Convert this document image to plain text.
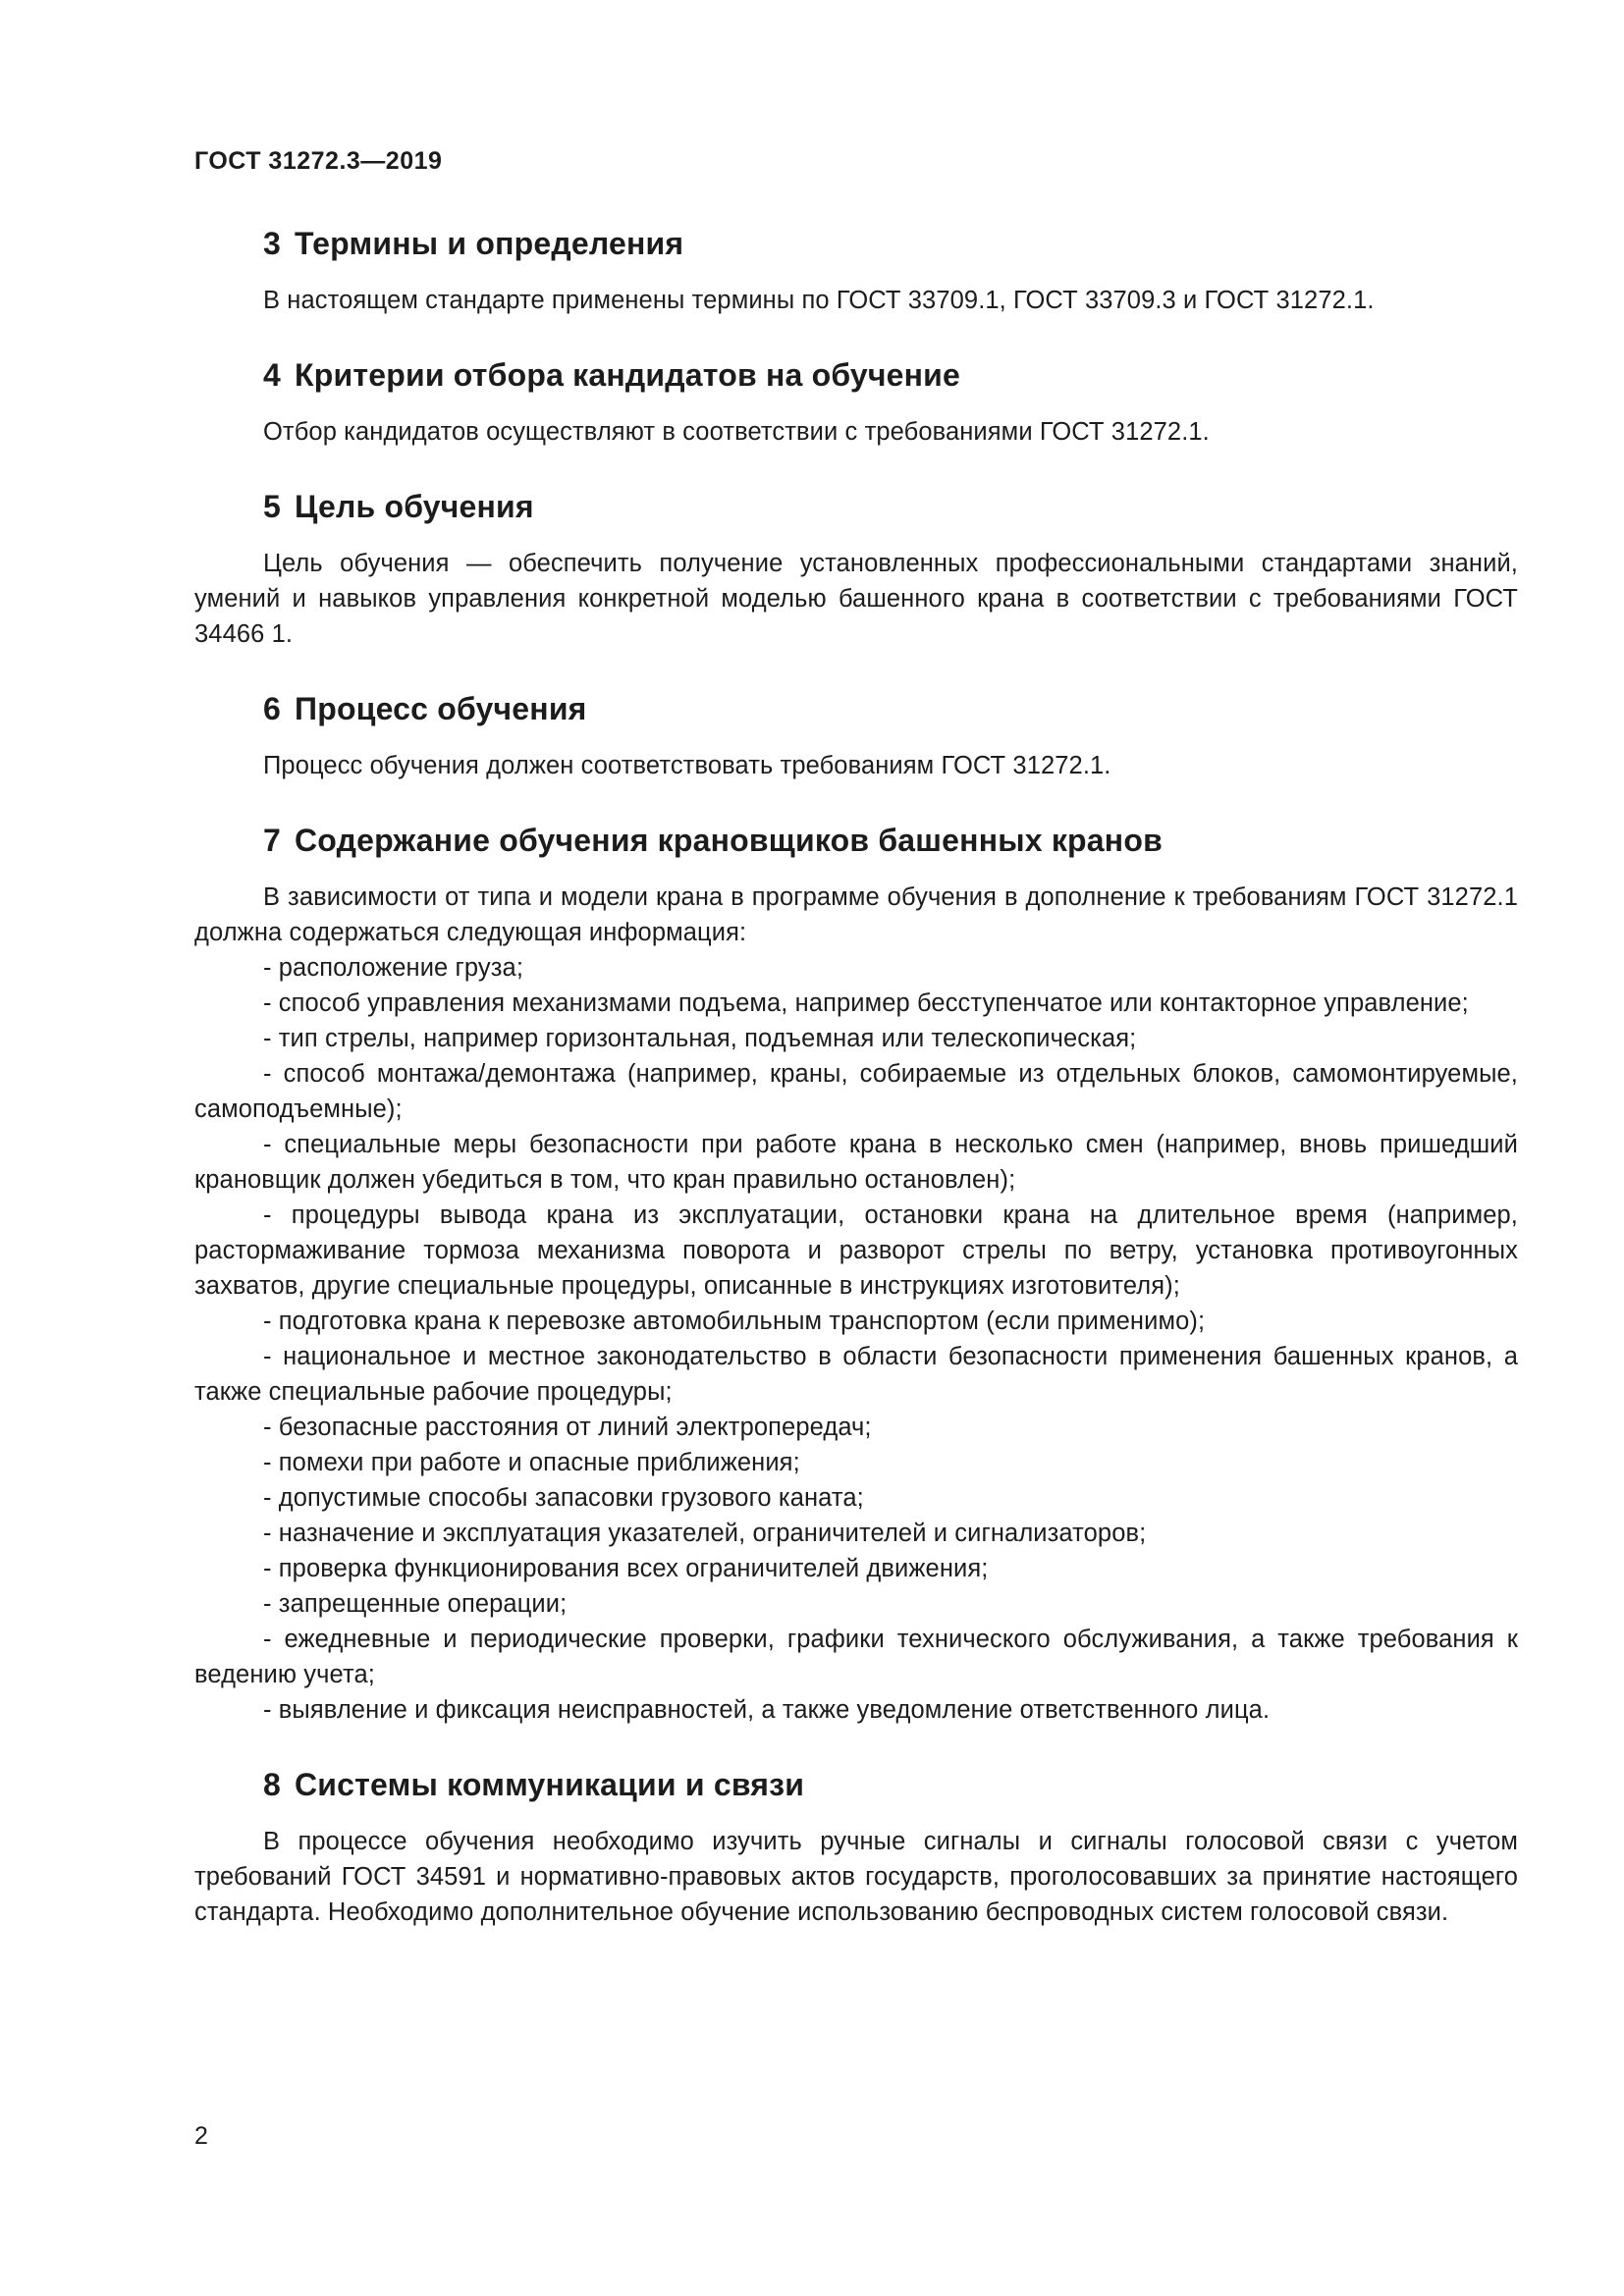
ГОСТ 31272.3—2019
3 Термины и определения

В настоящем стандарте применены термины по ГОСТ 33709.1, ГОСТ 33709.3 и ГОСТ 31272.1.

4 Критерии отбора кандидатов на обучение

Отбор кандидатов осуществляют в соответствии с требованиями ГОСТ 31272.1.

5 Цель обучения

Цель обучения — обеспечить получение установленных профессиональными стандартами знаний, умений и навыков управления конкретной моделью башенного крана в соответствии с требованиями ГОСТ 34466 1.

6 Процесс обучения

Процесс обучения должен соответствовать требованиям ГОСТ 31272.1.

7 Содержание обучения крановщиков башенных кранов

В зависимости от типа и модели крана в программе обучения в дополнение к требованиям ГОСТ 31272.1 должна содержаться следующая информация:

- расположение груза;
- способ управления механизмами подъема, например бесступенчатое или контакторное управление;
- тип стрелы, например горизонтальная, подъемная или телескопическая;
- способ монтажа/демонтажа (например, краны, собираемые из отдельных блоков, самомонтируемые, самоподъемные);
- специальные меры безопасности при работе крана в несколько смен (например, вновь пришедший крановщик должен убедиться в том, что кран правильно остановлен);
- процедуры вывода крана из эксплуатации, остановки крана на длительное время (например, растормаживание тормоза механизма поворота и разворот стрелы по ветру, установка противоугонных захватов, другие специальные процедуры, описанные в инструкциях изготовителя);
- подготовка крана к перевозке автомобильным транспортом (если применимо);
- национальное и местное законодательство в области безопасности применения башенных кранов, а также специальные рабочие процедуры;
- безопасные расстояния от линий электропередач;
- помехи при работе и опасные приближения;
- допустимые способы запасовки грузового каната;
- назначение и эксплуатация указателей, ограничителей и сигнализаторов;
- проверка функционирования всех ограничителей движения;
- запрещенные операции;
- ежедневные и периодические проверки, графики технического обслуживания, а также требования к ведению учета;
- выявление и фиксация неисправностей, а также уведомление ответственного лица.
8 Системы коммуникации и связи

В процессе обучения необходимо изучить ручные сигналы и сигналы голосовой связи с учетом требований ГОСТ 34591 и нормативно-правовых актов государств, проголосовавших за принятие настоящего стандарта. Необходимо дополнительное обучение использованию беспроводных систем голосовой связи.

2
